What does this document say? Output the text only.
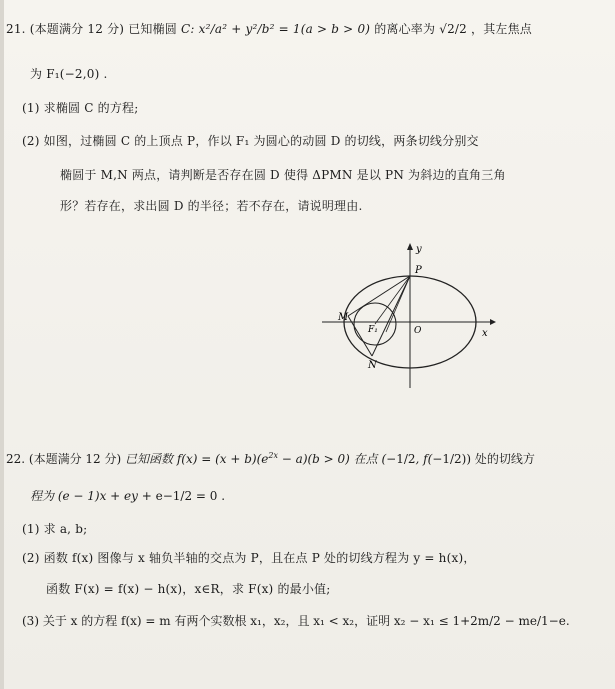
21. (本题满分 12 分) 已知椭圆 C: x²/a² + y²/b² = 1(a > b > 0) 的离心率为 √2/2 ，其左焦点
为 F₁(−2,0) .
(1) 求椭圆 C 的方程;
(2) 如图，过椭圆 C 的上顶点 P，作以 F₁ 为圆心的动圆 D 的切线，两条切线分别交
椭圆于 M,N 两点，请判断是否存在圆 D 使得 ΔPMN 是以 PN 为斜边的直角三角
形？若存在，求出圆 D 的半径；若不存在，请说明理由.
y
x
P
M
N
F₁	O
22. (本题满分 12 分) 已知函数 $f(x) = (x + b)(e^{2x} - a)(b > 0)$ 在点 (−1/2, f(−1/2)) 处的切线方
程为 (e − 1)x + ey + e−1/2 = 0 .
(1) 求 a, b;
(2) 函数 f(x) 图像与 x 轴负半轴的交点为 P，且在点 P 处的切线方程为 y = h(x)，
函数 F(x) = f(x) − h(x)，x∈R，求 F(x) 的最小值;
(3) 关于 x 的方程 f(x) = m 有两个实数根 x₁，x₂，且 x₁ < x₂，证明 x₂ − x₁ ≤ 1+2m/2 − me/1−e.
